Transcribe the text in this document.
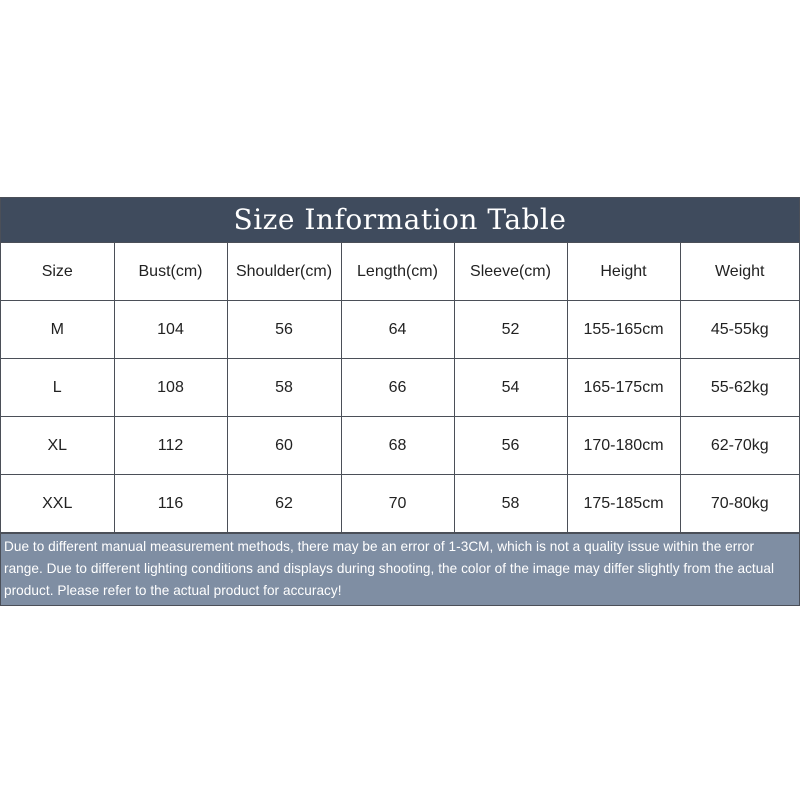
Size Information Table
Size	Bust(cm)	Shoulder(cm)	Length(cm)	Sleeve(cm)	Height	Weight
M	104	56	64	52	155-165cm	45-55kg
L	108	58	66	54	165-175cm	55-62kg
XL	112	60	68	56	170-180cm	62-70kg
XXL	116	62	70	58	175-185cm	70-80kg
Due to different manual measurement methods, there may be an error of 1-3CM, which is not a quality issue within the error range. Due to different lighting conditions and displays during shooting, the color of the image may differ slightly from the actual product. Please refer to the actual product for accuracy!
